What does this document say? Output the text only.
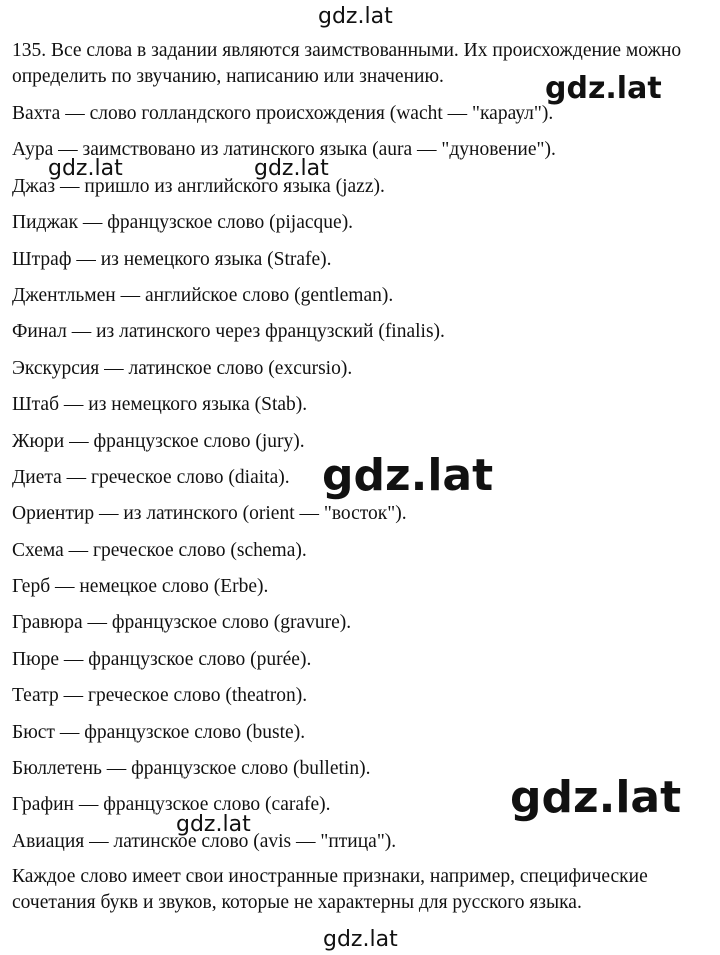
135. Все слова в задании являются заимствованными. Их происхождение можно определить по звучанию, написанию или значению.

Вахта — слово голландского происхождения (wacht — "караул").
Аура — заимствовано из латинского языка (aura — "дуновение").
Джаз — пришло из английского языка (jazz).
Пиджак — французское слово (pijacque).
Штраф — из немецкого языка (Strafe).
Джентльмен — английское слово (gentleman).
Финал — из латинского через французский (finalis).
Экскурсия — латинское слово (excursio).
Штаб — из немецкого языка (Stab).
Жюри — французское слово (jury).
Диета — греческое слово (diaita).
Ориентир — из латинского (orient — "восток").
Схема — греческое слово (schema).
Герб — немецкое слово (Erbe).
Гравюра — французское слово (gravure).
Пюре — французское слово (purée).
Театр — греческое слово (theatron).
Бюст — французское слово (buste).
Бюллетень — французское слово (bulletin).
Графин — французское слово (carafe).
Авиация — латинское слово (avis — "птица").

Каждое слово имеет свои иностранные признаки, например, специфические сочетания букв и звуков, которые не характерны для русского языка.

gdz.lat
gdz.lat
gdz.lat	gdz.lat
gdz.lat
gdz.lat
gdz.lat
gdz.lat
